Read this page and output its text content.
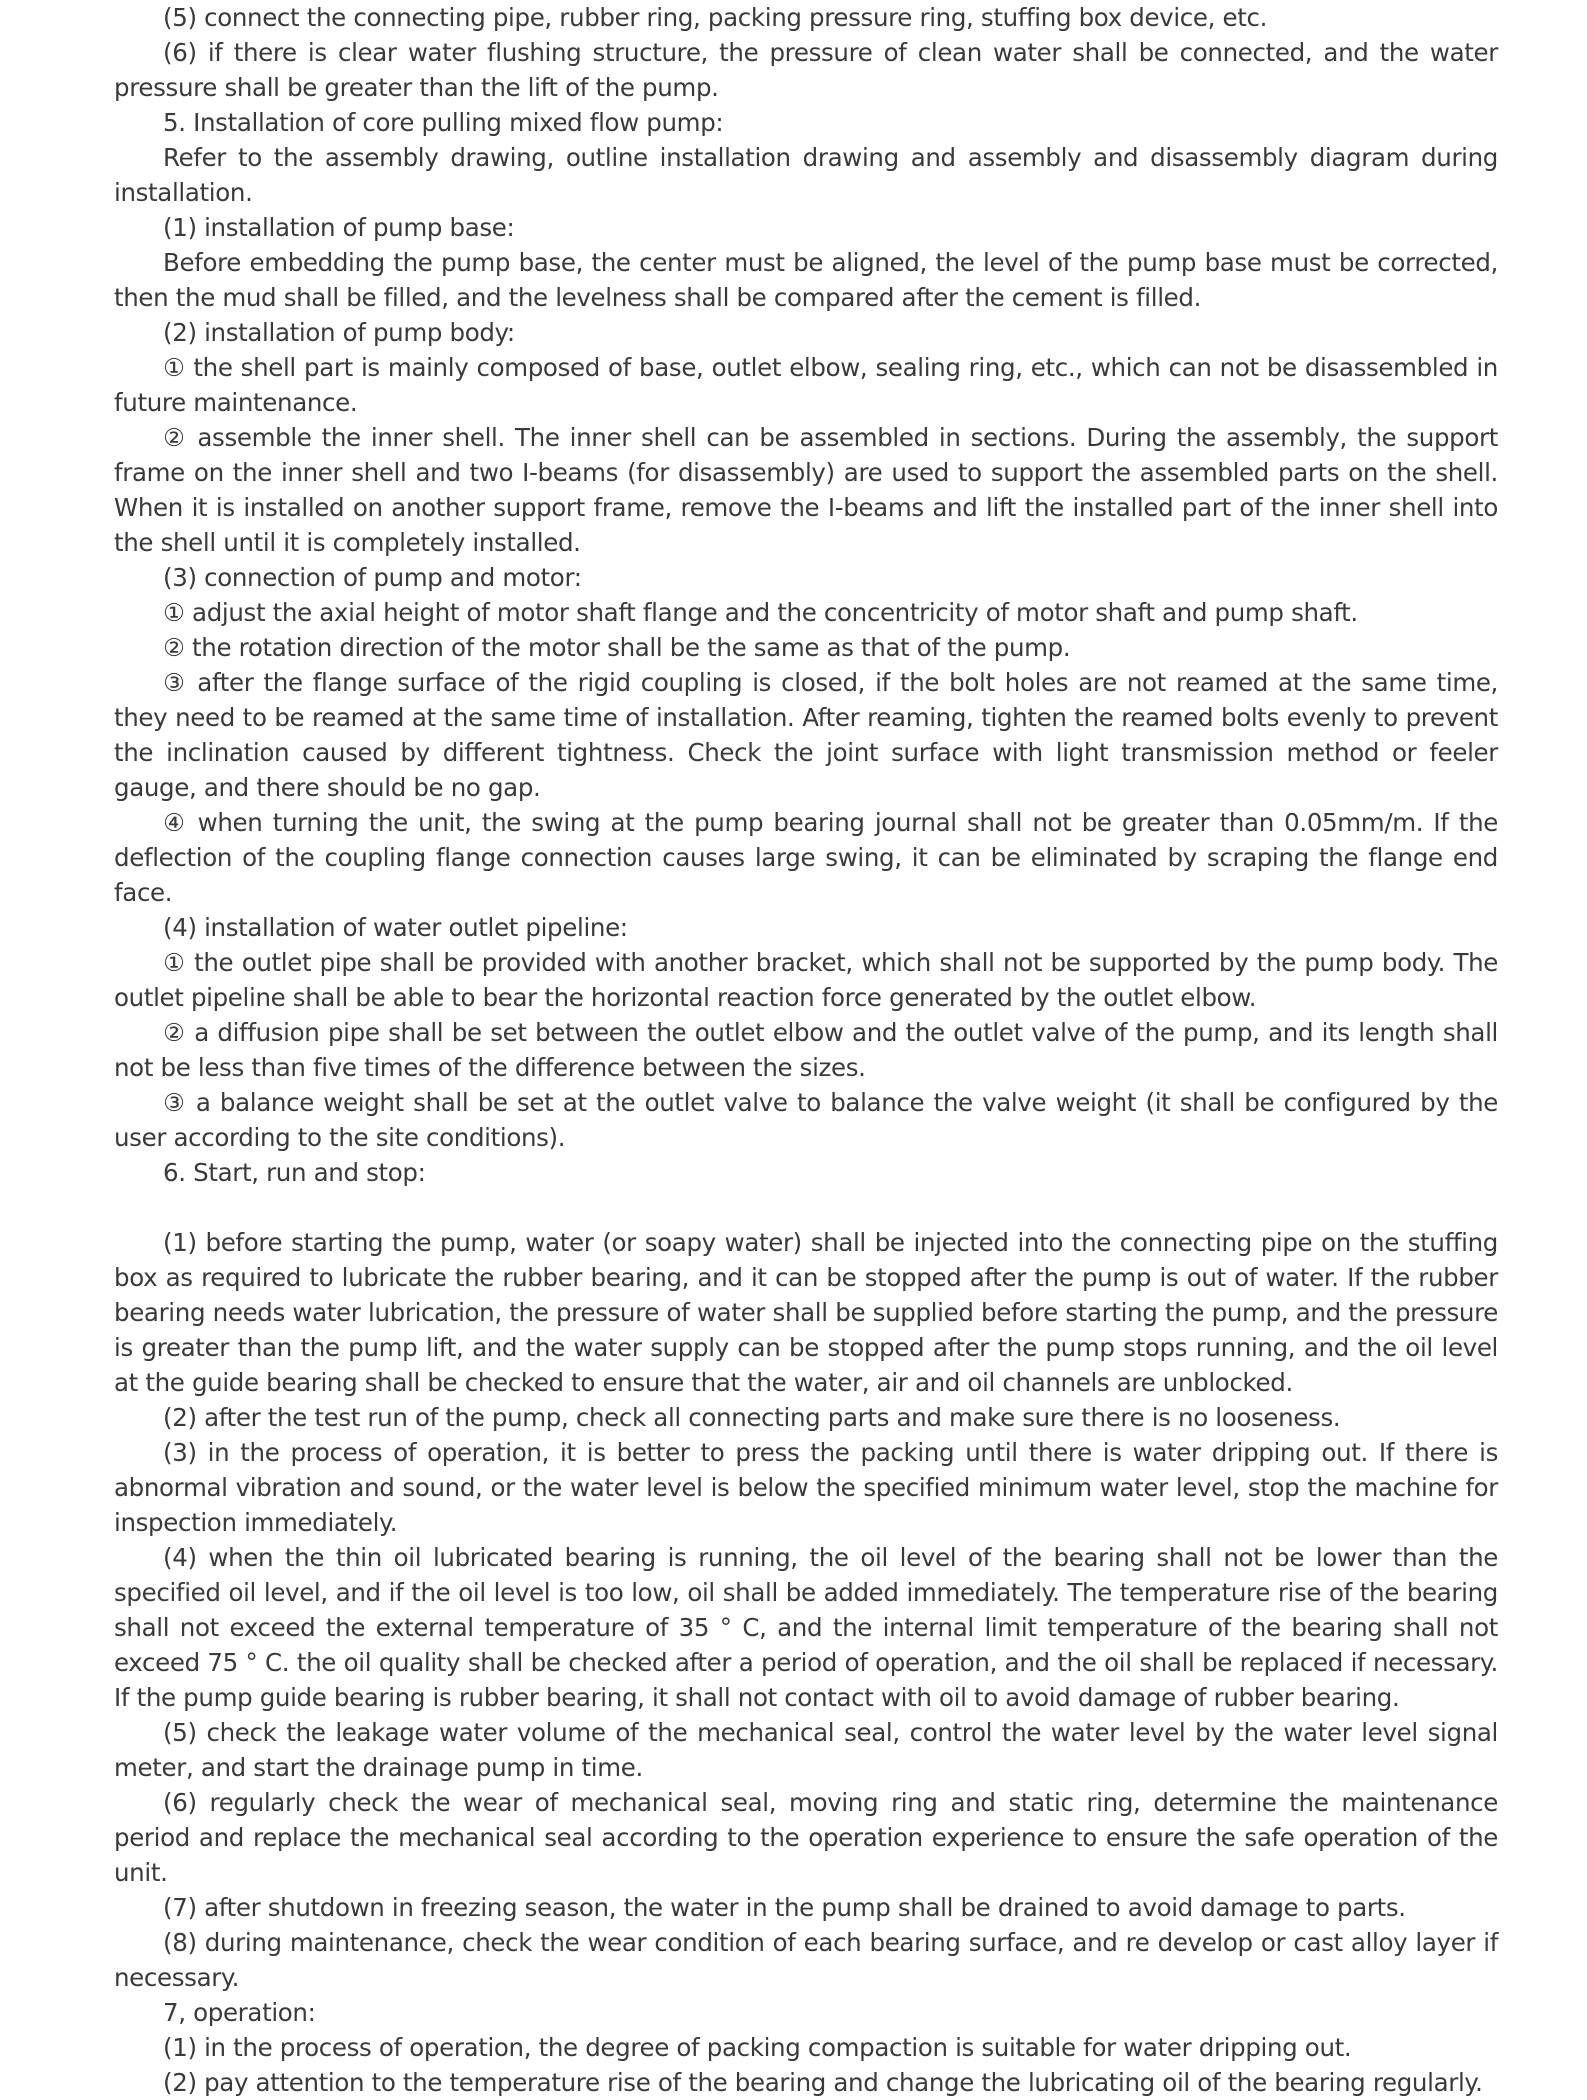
(5) connect the connecting pipe, rubber ring, packing pressure ring, stuffing box device, etc.

(6) if there is clear water flushing structure, the pressure of clean water shall be connected, and the water pressure shall be greater than the lift of the pump.

5. Installation of core pulling mixed flow pump:

Refer to the assembly drawing, outline installation drawing and assembly and disassembly diagram during installation.

(1) installation of pump base:

Before embedding the pump base, the center must be aligned, the level of the pump base must be corrected, then the mud shall be filled, and the levelness shall be compared after the cement is filled.

(2) installation of pump body:

① the shell part is mainly composed of base, outlet elbow, sealing ring, etc., which can not be disassembled in future maintenance.

② assemble the inner shell. The inner shell can be assembled in sections. During the assembly, the support frame on the inner shell and two I-beams (for disassembly) are used to support the assembled parts on the shell. When it is installed on another support frame, remove the I-beams and lift the installed part of the inner shell into the shell until it is completely installed.

(3) connection of pump and motor:

① adjust the axial height of motor shaft flange and the concentricity of motor shaft and pump shaft.

② the rotation direction of the motor shall be the same as that of the pump.

③ after the flange surface of the rigid coupling is closed, if the bolt holes are not reamed at the same time, they need to be reamed at the same time of installation. After reaming, tighten the reamed bolts evenly to prevent the inclination caused by different tightness. Check the joint surface with light transmission method or feeler gauge, and there should be no gap.

④ when turning the unit, the swing at the pump bearing journal shall not be greater than 0.05mm/m. If the deflection of the coupling flange connection causes large swing, it can be eliminated by scraping the flange end face.

(4) installation of water outlet pipeline:

① the outlet pipe shall be provided with another bracket, which shall not be supported by the pump body. The outlet pipeline shall be able to bear the horizontal reaction force generated by the outlet elbow.

② a diffusion pipe shall be set between the outlet elbow and the outlet valve of the pump, and its length shall not be less than five times of the difference between the sizes.

③ a balance weight shall be set at the outlet valve to balance the valve weight (it shall be configured by the user according to the site conditions).

6. Start, run and stop:

(1) before starting the pump, water (or soapy water) shall be injected into the connecting pipe on the stuffing box as required to lubricate the rubber bearing, and it can be stopped after the pump is out of water. If the rubber bearing needs water lubrication, the pressure of water shall be supplied before starting the pump, and the pressure is greater than the pump lift, and the water supply can be stopped after the pump stops running, and the oil level at the guide bearing shall be checked to ensure that the water, air and oil channels are unblocked.

(2) after the test run of the pump, check all connecting parts and make sure there is no looseness.

(3) in the process of operation, it is better to press the packing until there is water dripping out. If there is abnormal vibration and sound, or the water level is below the specified minimum water level, stop the machine for inspection immediately.

(4) when the thin oil lubricated bearing is running, the oil level of the bearing shall not be lower than the specified oil level, and if the oil level is too low, oil shall be added immediately. The temperature rise of the bearing shall not exceed the external temperature of 35 ° C, and the internal limit temperature of the bearing shall not exceed 75 ° C. the oil quality shall be checked after a period of operation, and the oil shall be replaced if necessary. If the pump guide bearing is rubber bearing, it shall not contact with oil to avoid damage of rubber bearing.

(5) check the leakage water volume of the mechanical seal, control the water level by the water level signal meter, and start the drainage pump in time.

(6) regularly check the wear of mechanical seal, moving ring and static ring, determine the maintenance period and replace the mechanical seal according to the operation experience to ensure the safe operation of the unit.

(7) after shutdown in freezing season, the water in the pump shall be drained to avoid damage to parts.

(8) during maintenance, check the wear condition of each bearing surface, and re develop or cast alloy layer if necessary.

7, operation:

(1) in the process of operation, the degree of packing compaction is suitable for water dripping out.

(2) pay attention to the temperature rise of the bearing and change the lubricating oil of the bearing regularly.
